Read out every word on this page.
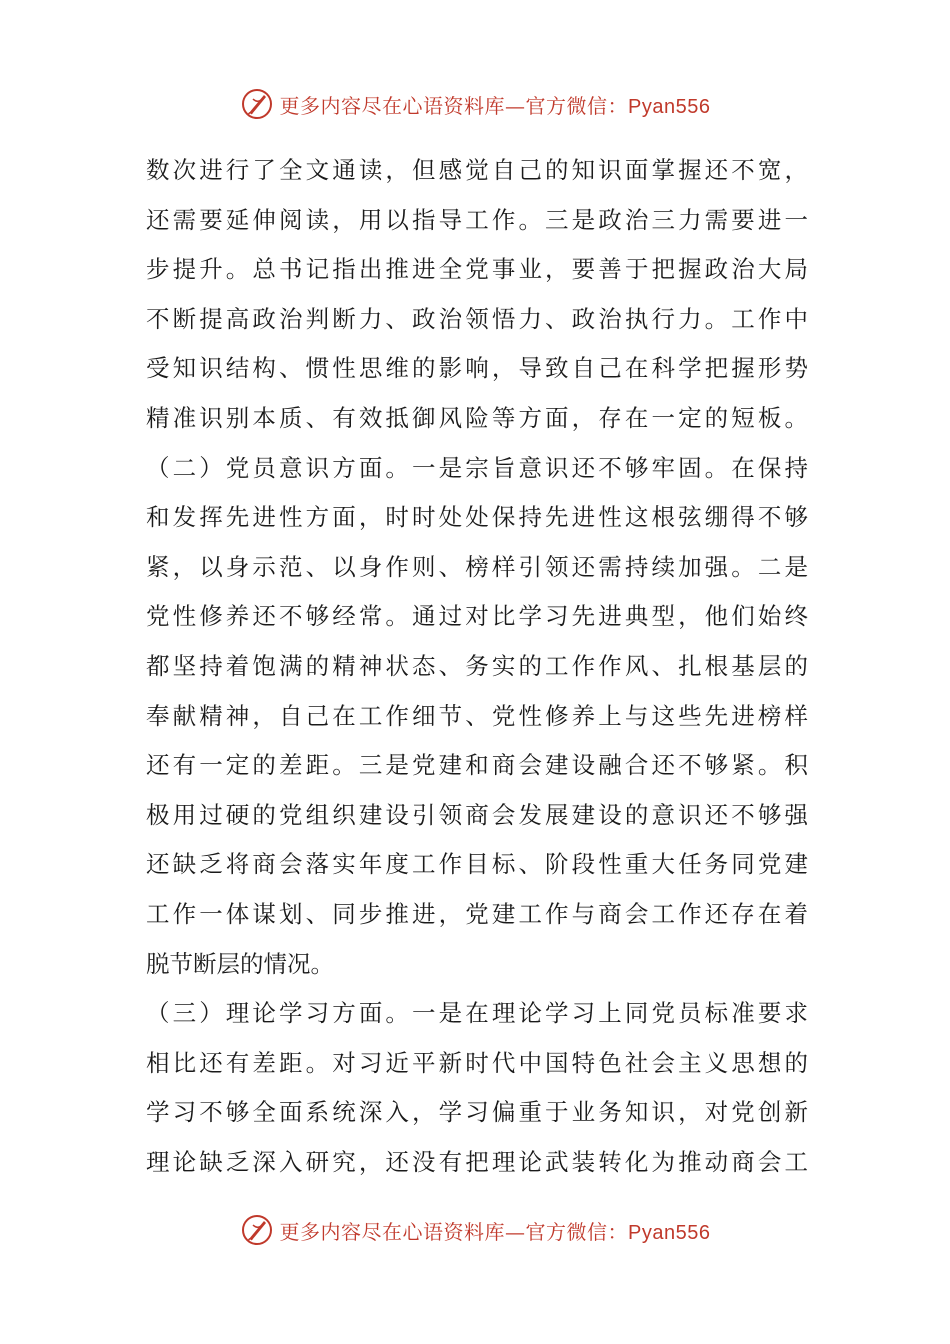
更多内容尽在心语资料库—官方微信：Pyan556
数次进行了全文通读，但感觉自己的知识面掌握还不宽，
还需要延伸阅读，用以指导工作。三是政治三力需要进一
步提升。总书记指出推进全党事业，要善于把握政治大局
不断提高政治判断力、政治领悟力、政治执行力。工作中
受知识结构、惯性思维的影响，导致自己在科学把握形势
精准识别本质、有效抵御风险等方面，存在一定的短板。
（二）党员意识方面。一是宗旨意识还不够牢固。在保持
和发挥先进性方面，时时处处保持先进性这根弦绷得不够
紧，以身示范、以身作则、榜样引领还需持续加强。二是
党性修养还不够经常。通过对比学习先进典型，他们始终
都坚持着饱满的精神状态、务实的工作作风、扎根基层的
奉献精神，自己在工作细节、党性修养上与这些先进榜样
还有一定的差距。三是党建和商会建设融合还不够紧。积
极用过硬的党组织建设引领商会发展建设的意识还不够强
还缺乏将商会落实年度工作目标、阶段性重大任务同党建
工作一体谋划、同步推进，党建工作与商会工作还存在着
脱节断层的情况。
（三）理论学习方面。一是在理论学习上同党员标准要求
相比还有差距。对习近平新时代中国特色社会主义思想的
学习不够全面系统深入，学习偏重于业务知识，对党创新
理论缺乏深入研究，还没有把理论武装转化为推动商会工
更多内容尽在心语资料库—官方微信：Pyan556
